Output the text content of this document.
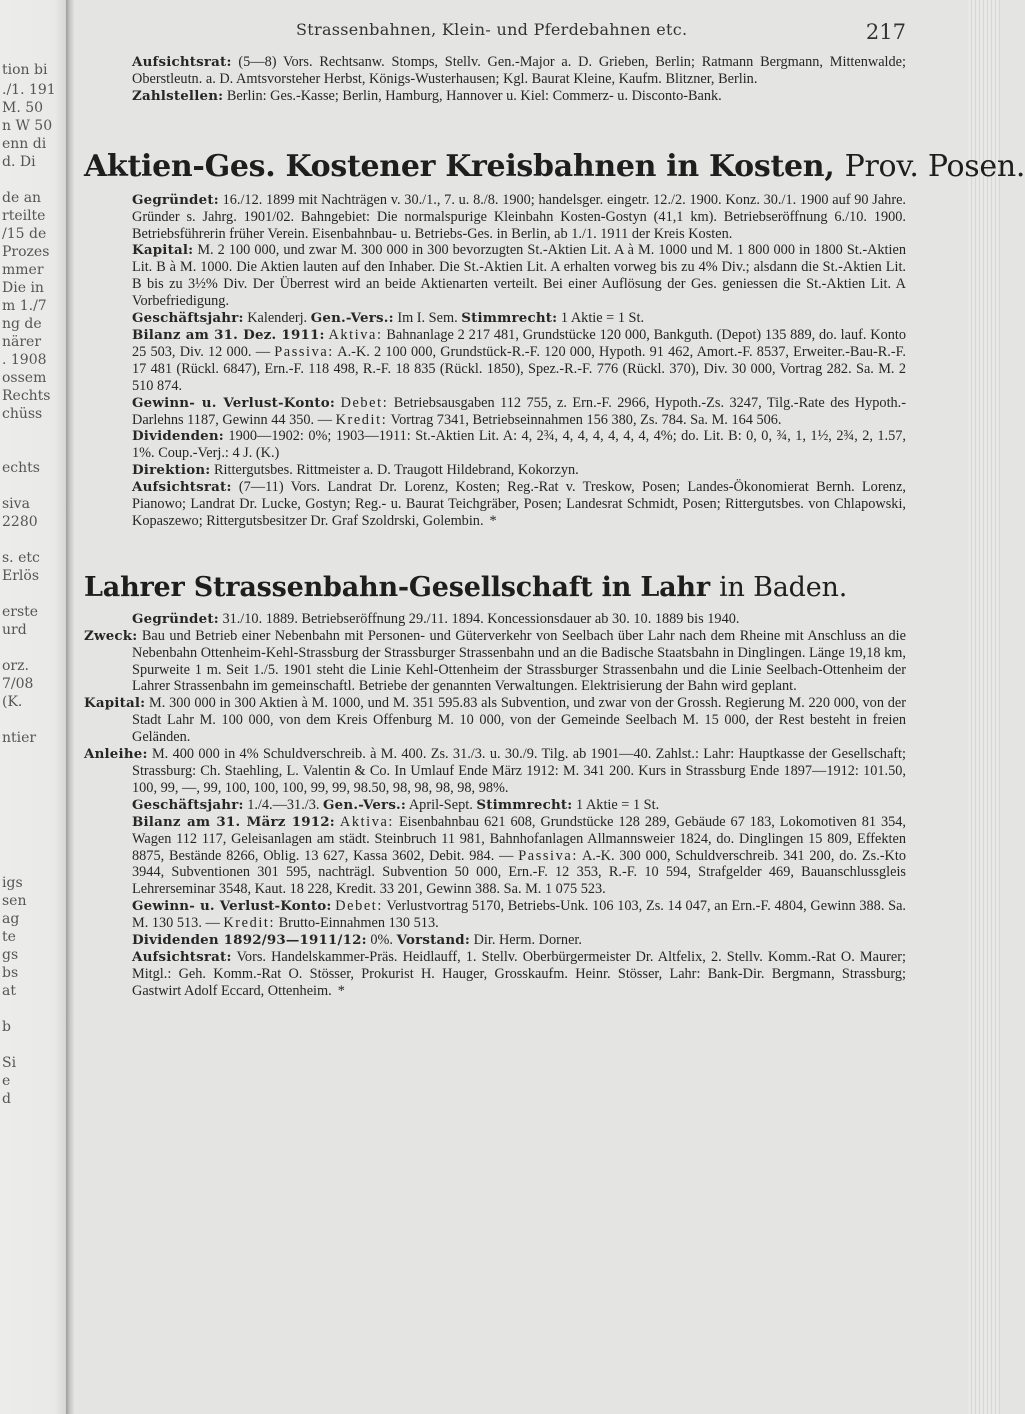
tion bi
./1. 191
M. 50
n W 50
enn di
d. Di
de an
rteilte
/15 de
Prozes
mmer
Die in
m 1./7
ng de
närer
. 1908
ossem
Rechts
chüss
echts
siva
2280
s. etc
Erlös
erste
urd
orz.
7/08
(K.
ntier
igs
sen
ag
te
gs
bs
at
b
Si
e
d
Strassenbahnen, Klein- und Pferdebahnen etc.	217

Aufsichtsrat: (5—8) Vors. Rechtsanw. Stomps, Stellv. Gen.-Major a. D. Grieben, Berlin; Ratmann Bergmann, Mittenwalde; Oberstleutn. a. D. Amtsvorsteher Herbst, Königs-Wusterhausen; Kgl. Baurat Kleine, Kaufm. Blitzner, Berlin.

Zahlstellen: Berlin: Ges.-Kasse; Berlin, Hamburg, Hannover u. Kiel: Commerz- u. Disconto-Bank.

Aktien-Ges. Kostener Kreisbahnen in Kosten, Prov. Posen.

Gegründet: 16./12. 1899 mit Nachträgen v. 30./1., 7. u. 8./8. 1900; handelsger. eingetr. 12./2. 1900. Konz. 30./1. 1900 auf 90 Jahre. Gründer s. Jahrg. 1901/02. Bahngebiet: Die normalspurige Kleinbahn Kosten-Gostyn (41,1 km). Betriebseröffnung 6./10. 1900. Betriebsführerin früher Verein. Eisenbahnbau- u. Betriebs-Ges. in Berlin, ab 1./1. 1911 der Kreis Kosten.

Kapital: M. 2 100 000, und zwar M. 300 000 in 300 bevorzugten St.-Aktien Lit. A à M. 1000 und M. 1 800 000 in 1800 St.-Aktien Lit. B à M. 1000. Die Aktien lauten auf den Inhaber. Die St.-Aktien Lit. A erhalten vorweg bis zu 4% Div.; alsdann die St.-Aktien Lit. B bis zu 3½% Div. Der Überrest wird an beide Aktienarten verteilt. Bei einer Auflösung der Ges. geniessen die St.-Aktien Lit. A Vorbefriedigung.

Geschäftsjahr: Kalenderj. Gen.-Vers.: Im I. Sem. Stimmrecht: 1 Aktie = 1 St.

Bilanz am 31. Dez. 1911: Aktiva: Bahnanlage 2 217 481, Grundstücke 120 000, Bankguth. (Depot) 135 889, do. lauf. Konto 25 503, Div. 12 000. — Passiva: A.-K. 2 100 000, Grundstück-R.-F. 120 000, Hypoth. 91 462, Amort.-F. 8537, Erweiter.-Bau-R.-F. 17 481 (Rückl. 6847), Ern.-F. 118 498, R.-F. 18 835 (Rückl. 1850), Spez.-R.-F. 776 (Rückl. 370), Div. 30 000, Vortrag 282. Sa. M. 2 510 874.

Gewinn- u. Verlust-Konto: Debet: Betriebsausgaben 112 755, z. Ern.-F. 2966, Hypoth.-Zs. 3247, Tilg.-Rate des Hypoth.-Darlehns 1187, Gewinn 44 350. — Kredit: Vortrag 7341, Betriebseinnahmen 156 380, Zs. 784. Sa. M. 164 506.

Dividenden: 1900—1902: 0%; 1903—1911: St.-Aktien Lit. A: 4, 2¾, 4, 4, 4, 4, 4, 4, 4%; do. Lit. B: 0, 0, ¾, 1, 1½, 2¾, 2, 1.57, 1%. Coup.-Verj.: 4 J. (K.)

Direktion: Rittergutsbes. Rittmeister a. D. Traugott Hildebrand, Kokorzyn.

Aufsichtsrat: (7—11) Vors. Landrat Dr. Lorenz, Kosten; Reg.-Rat v. Treskow, Posen; Landes-Ökonomierat Bernh. Lorenz, Pianowo; Landrat Dr. Lucke, Gostyn; Reg.- u. Baurat Teichgräber, Posen; Landesrat Schmidt, Posen; Rittergutsbes. von Chlapowski, Kopaszewo; Rittergutsbesitzer Dr. Graf Szoldrski, Golembin. *

Lahrer Strassenbahn-Gesellschaft in Lahr in Baden.

Gegründet: 31./10. 1889. Betriebseröffnung 29./11. 1894. Koncessionsdauer ab 30. 10. 1889 bis 1940.

Zweck: Bau und Betrieb einer Nebenbahn mit Personen- und Güterverkehr von Seelbach über Lahr nach dem Rheine mit Anschluss an die Nebenbahn Ottenheim-Kehl-Strassburg der Strassburger Strassenbahn und an die Badische Staatsbahn in Dinglingen. Länge 19,18 km, Spurweite 1 m. Seit 1./5. 1901 steht die Linie Kehl-Ottenheim der Strassburger Strassenbahn und die Linie Seelbach-Ottenheim der Lahrer Strassenbahn im gemeinschaftl. Betriebe der genannten Verwaltungen. Elektrisierung der Bahn wird geplant.

Kapital: M. 300 000 in 300 Aktien à M. 1000, und M. 351 595.83 als Subvention, und zwar von der Grossh. Regierung M. 220 000, von der Stadt Lahr M. 100 000, von dem Kreis Offenburg M. 10 000, von der Gemeinde Seelbach M. 15 000, der Rest besteht in freien Geländen.

Anleihe: M. 400 000 in 4% Schuldverschreib. à M. 400. Zs. 31./3. u. 30./9. Tilg. ab 1901—40. Zahlst.: Lahr: Hauptkasse der Gesellschaft; Strassburg: Ch. Staehling, L. Valentin & Co. In Umlauf Ende März 1912: M. 341 200. Kurs in Strassburg Ende 1897—1912: 101.50, 100, 99, —, 99, 100, 100, 100, 99, 99, 98.50, 98, 98, 98, 98, 98%.

Geschäftsjahr: 1./4.—31./3. Gen.-Vers.: April-Sept. Stimmrecht: 1 Aktie = 1 St.

Bilanz am 31. März 1912: Aktiva: Eisenbahnbau 621 608, Grundstücke 128 289, Gebäude 67 183, Lokomotiven 81 354, Wagen 112 117, Geleisanlagen am städt. Steinbruch 11 981, Bahnhofanlagen Allmannsweier 1824, do. Dinglingen 15 809, Effekten 8875, Bestände 8266, Oblig. 13 627, Kassa 3602, Debit. 984. — Passiva: A.-K. 300 000, Schuldverschreib. 341 200, do. Zs.-Kto 3944, Subventionen 301 595, nachträgl. Subvention 50 000, Ern.-F. 12 353, R.-F. 10 594, Strafgelder 469, Bauanschlussgleis Lehrerseminar 3548, Kaut. 18 228, Kredit. 33 201, Gewinn 388. Sa. M. 1 075 523.

Gewinn- u. Verlust-Konto: Debet: Verlustvortrag 5170, Betriebs-Unk. 106 103, Zs. 14 047, an Ern.-F. 4804, Gewinn 388. Sa. M. 130 513. — Kredit: Brutto-Einnahmen 130 513.

Dividenden 1892/93—1911/12: 0%. Vorstand: Dir. Herm. Dorner.

Aufsichtsrat: Vors. Handelskammer-Präs. Heidlauff, 1. Stellv. Oberbürgermeister Dr. Altfelix, 2. Stellv. Komm.-Rat O. Maurer; Mitgl.: Geh. Komm.-Rat O. Stösser, Prokurist H. Hauger, Grosskaufm. Heinr. Stösser, Lahr: Bank-Dir. Bergmann, Strassburg; Gastwirt Adolf Eccard, Ottenheim. *
